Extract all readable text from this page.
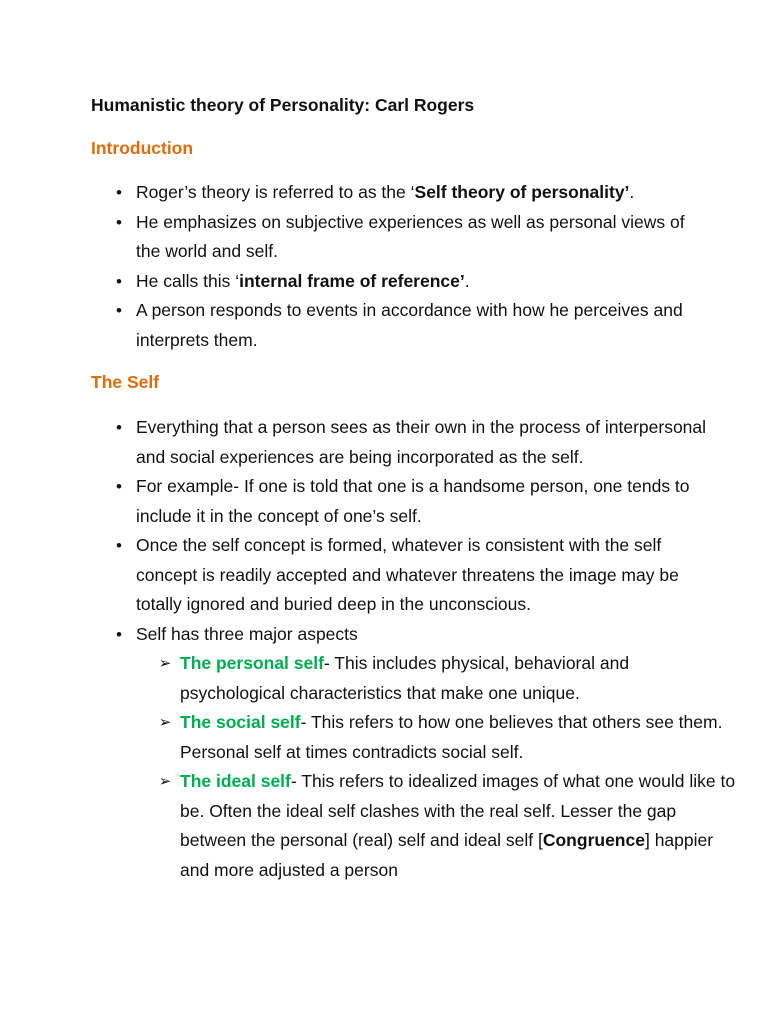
Humanistic theory of Personality: Carl Rogers
Introduction
• Roger’s theory is referred to as the ‘Self theory of personality’.
• He emphasizes on subjective experiences as well as personal views of the world and self.
• He calls this ‘internal frame of reference’.
• A person responds to events in accordance with how he perceives and interprets them.
The Self
• Everything that a person sees as their own in the process of interpersonal and social experiences are being incorporated as the self.
• For example- If one is told that one is a handsome person, one tends to include it in the concept of one’s self.
• Once the self concept is formed, whatever is consistent with the self concept is readily accepted and whatever threatens the image may be totally ignored and buried deep in the unconscious.
• Self has three major aspects
➢ The personal self- This includes physical, behavioral and psychological characteristics that make one unique.
➢ The social self- This refers to how one believes that others see them. Personal self at times contradicts social self.
➢ The ideal self- This refers to idealized images of what one would like to be. Often the ideal self clashes with the real self. Lesser the gap between the personal (real) self and ideal self [Congruence] happier and more adjusted a person
